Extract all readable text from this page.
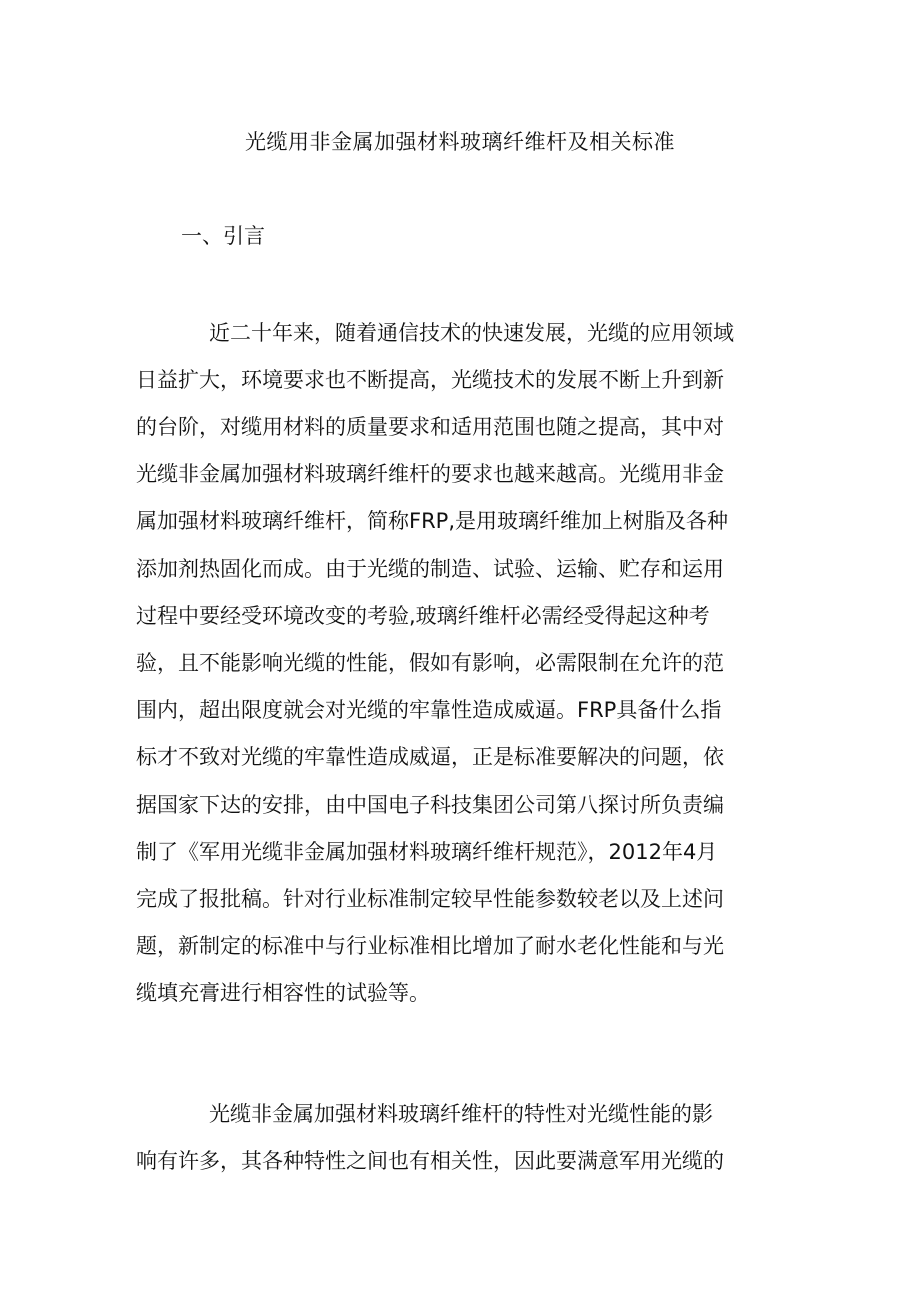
光缆用非金属加强材料玻璃纤维杆及相关标准
一、引言

近二十年来，随着通信技术的快速发展，光缆的应用领域

日益扩大，环境要求也不断提高，光缆技术的发展不断上升到新

的台阶，对缆用材料的质量要求和适用范围也随之提高，其中对

光缆非金属加强材料玻璃纤维杆的要求也越来越高。光缆用非金

属加强材料玻璃纤维杆，简称FRP,是用玻璃纤维加上树脂及各种

添加剂热固化而成。由于光缆的制造、试验、运输、贮存和运用

过程中要经受环境改变的考验,玻璃纤维杆必需经受得起这种考

验，且不能影响光缆的性能，假如有影响，必需限制在允许的范

围内，超出限度就会对光缆的牢靠性造成威逼。FRP具备什么指

标才不致对光缆的牢靠性造成威逼，正是标准要解决的问题，依

据国家下达的安排，由中国电子科技集团公司第八探讨所负责编

制了《军用光缆非金属加强材料玻璃纤维杆规范》，2012年4月

完成了报批稿。针对行业标准制定较早性能参数较老以及上述问

题，新制定的标准中与行业标准相比增加了耐水老化性能和与光

缆填充膏进行相容性的试验等。

光缆非金属加强材料玻璃纤维杆的特性对光缆性能的影

响有许多，其各种特性之间也有相关性，因此要满意军用光缆的
